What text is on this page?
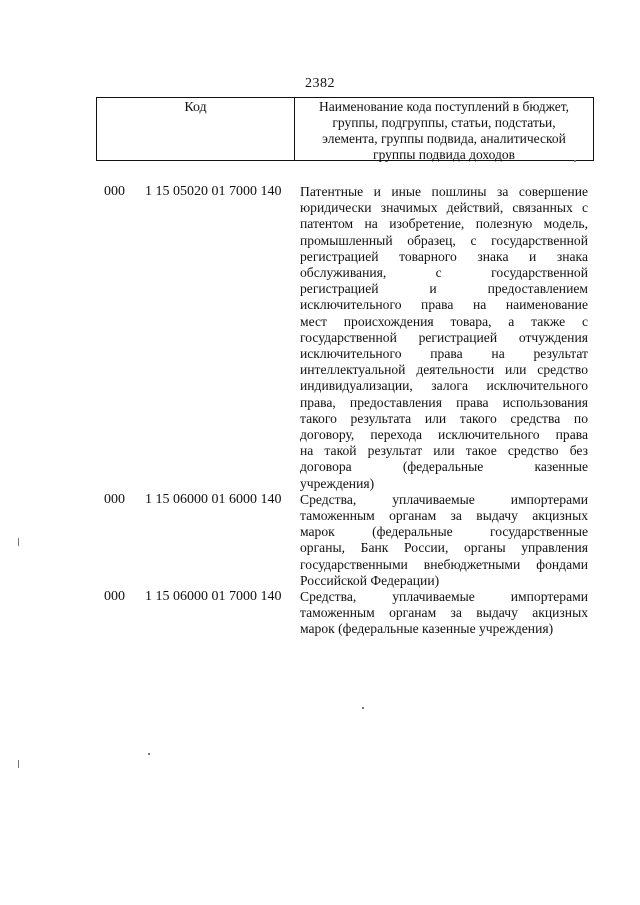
2382
Код	Наименование кода поступлений в бюджет,
группы, подгруппы, статьи, подстатьи,
элемента, группы подвида, аналитической
группы подвида доходов
000 1 15 05020 01 7000 140 Патентные и иные пошлины за совершение
юридически значимых действий, связанных с
патентом на изобретение, полезную модель,
промышленный образец, с государственной
регистрацией товарного знака и знака
обслуживания, с государственной
регистрацией и предоставлением
исключительного права на наименование
мест происхождения товара, а также с
государственной регистрацией отчуждения
исключительного права на результат
интеллектуальной деятельности или средство
индивидуализации, залога исключительного
права, предоставления права использования
такого результата или такого средства по
договору, перехода исключительного права
на такой результат или такое средство без
договора (федеральные казенные
учреждения)
000 1 15 06000 01 6000 140 Средства, уплачиваемые импортерами
таможенным органам за выдачу акцизных
марок (федеральные государственные
органы, Банк России, органы управления
государственными внебюджетными фондами
Российской Федерации)
000 1 15 06000 01 7000 140 Средства, уплачиваемые импортерами
таможенным органам за выдачу акцизных
марок (федеральные казенные учреждения)
